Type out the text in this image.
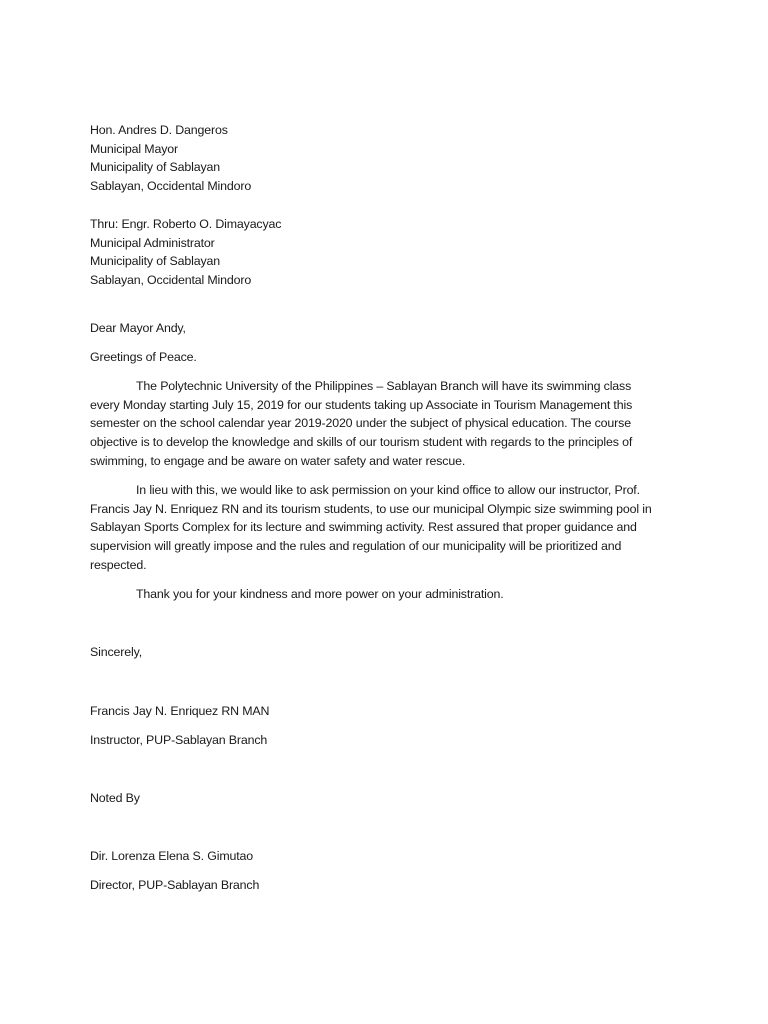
Hon. Andres D. Dangeros
Municipal Mayor
Municipality of Sablayan
Sablayan, Occidental Mindoro
Thru: Engr. Roberto O. Dimayacyac
Municipal Administrator
Municipality of Sablayan
Sablayan, Occidental Mindoro
Dear Mayor Andy,
Greetings of Peace.
The Polytechnic University of the Philippines – Sablayan Branch will have its swimming class
every Monday starting July 15, 2019 for our students taking up Associate in Tourism Management this
semester on the school calendar year 2019-2020 under the subject of physical education. The course
objective is to develop the knowledge and skills of our tourism student with regards to the principles of
swimming, to engage and be aware on water safety and water rescue.
In lieu with this, we would like to ask permission on your kind office to allow our instructor, Prof.
Francis Jay N. Enriquez RN and its tourism students, to use our municipal Olympic size swimming pool in
Sablayan Sports Complex for its lecture and swimming activity. Rest assured that proper guidance and
supervision will greatly impose and the rules and regulation of our municipality will be prioritized and
respected.
Thank you for your kindness and more power on your administration.
Sincerely,
Francis Jay N. Enriquez RN MAN
Instructor, PUP-Sablayan Branch
Noted By
Dir. Lorenza Elena S. Gimutao
Director, PUP-Sablayan Branch
